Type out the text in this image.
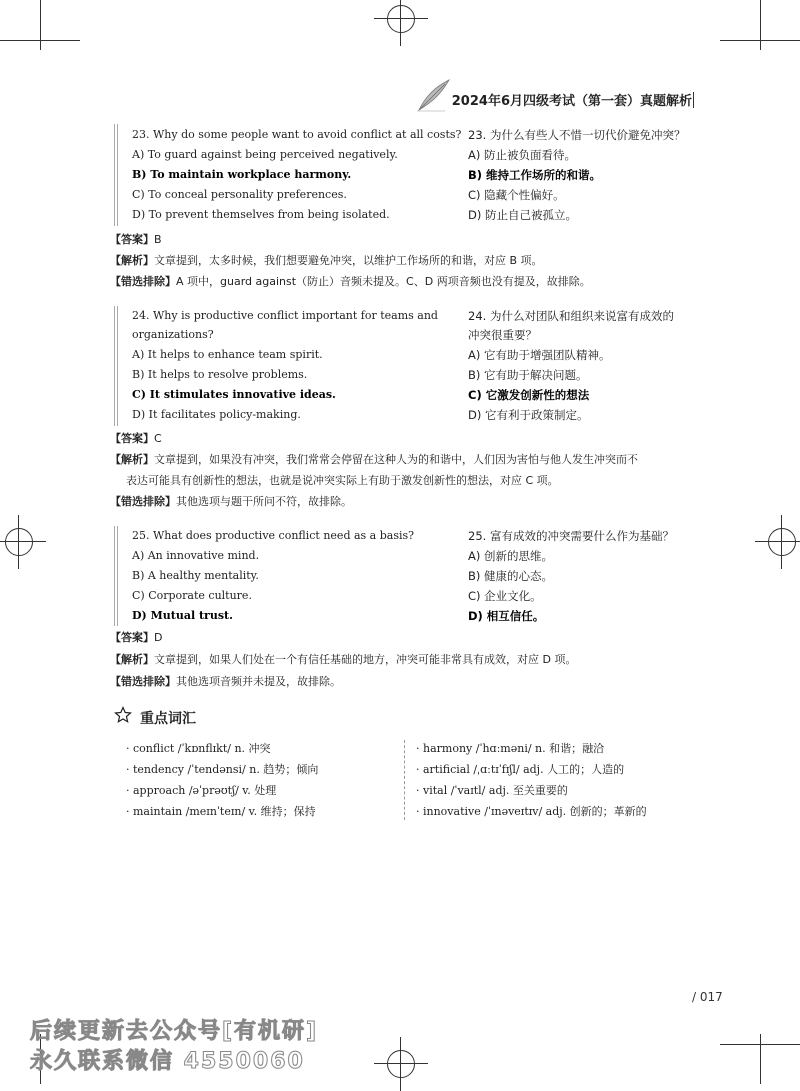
2024年6月四级考试（第一套）真题解析
23. Why do some people want to avoid conflict at all costs?
A) To guard against being perceived negatively.
B) To maintain workplace harmony.
C) To conceal personality preferences.
D) To prevent themselves from being isolated.
23. 为什么有些人不惜一切代价避免冲突？
A) 防止被负面看待。
B) 维持工作场所的和谐。
C) 隐藏个性偏好。
D) 防止自己被孤立。
【答案】B
【解析】文章提到，太多时候，我们想要避免冲突，以维护工作场所的和谐，对应 B 项。
【错选排除】A 项中，guard against（防止）音频未提及。C、D 两项音频也没有提及，故排除。
24. Why is productive conflict important for teams and
organizations?
A) It helps to enhance team spirit.
B) It helps to resolve problems.
C) It stimulates innovative ideas.
D) It facilitates policy-making.
24. 为什么对团队和组织来说富有成效的
冲突很重要？
A) 它有助于增强团队精神。
B) 它有助于解决问题。
C) 它激发创新性的想法
D) 它有利于政策制定。
【答案】C
【解析】文章提到，如果没有冲突，我们常常会停留在这种人为的和谐中，人们因为害怕与他人发生冲突而不
表达可能具有创新性的想法，也就是说冲突实际上有助于激发创新性的想法，对应 C 项。
【错选排除】其他选项与题干所问不符，故排除。
25. What does productive conflict need as a basis?
A) An innovative mind.
B) A healthy mentality.
C) Corporate culture.
D) Mutual trust.
25. 富有成效的冲突需要什么作为基础？
A) 创新的思维。
B) 健康的心态。
C) 企业文化。
D) 相互信任。
【答案】D
【解析】文章提到，如果人们处在一个有信任基础的地方，冲突可能非常具有成效，对应 D 项。
【错选排除】其他选项音频并未提及，故排除。
重点词汇
· conflict /ˈkɒnflɪkt/ n. 冲突
· tendency /ˈtendənsi/ n. 趋势；倾向
· approach /əˈprəʊtʃ/ v. 处理
· maintain /meɪnˈteɪn/ v. 维持；保持
· harmony /ˈhɑːməni/ n. 和谐；融洽
· artificial /ˌɑːtɪˈfɪʃl/ adj. 人工的；人造的
· vital /ˈvaɪtl/ adj. 至关重要的
· innovative /ˈɪnəveɪtɪv/ adj. 创新的；革新的
/ 017
后续更新去公众号[有机研]
永久联系微信 4550060
